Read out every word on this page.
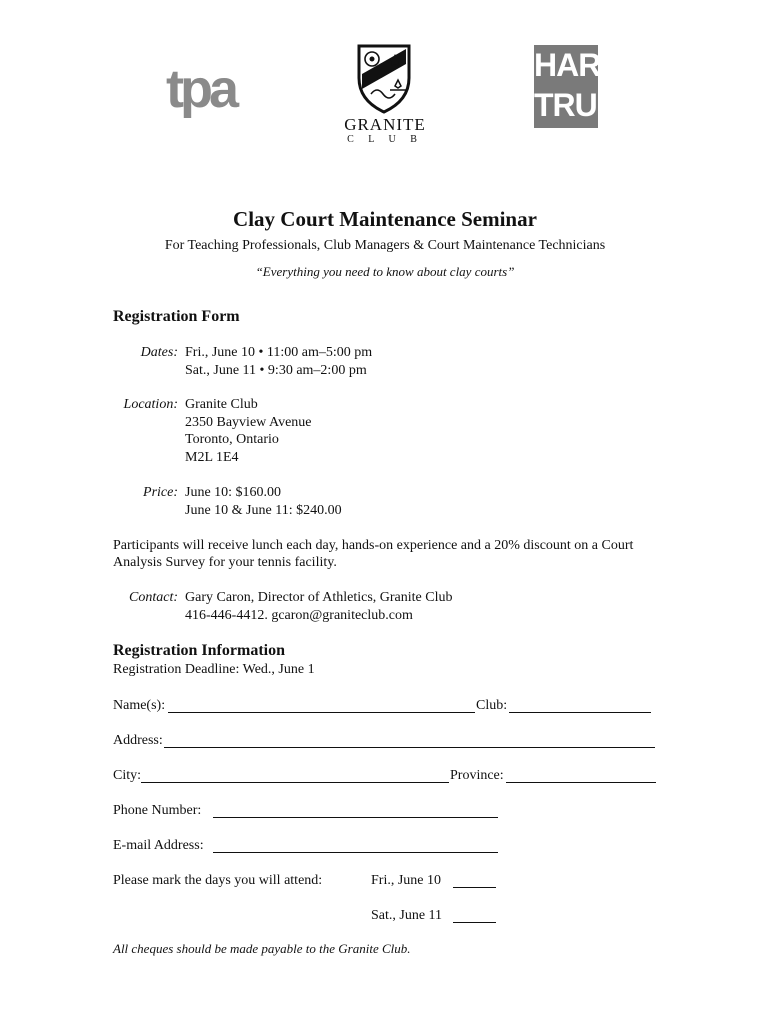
tpa
GRANITE
C L U B
HAR
TRU.
Clay Court Maintenance Seminar
For Teaching Professionals, Club Managers & Court Maintenance Technicians
“Everything you need to know about clay courts”
Registration Form
Dates: Fri., June 10 • 11:00 am–5:00 pm
Sat., June 11 • 9:30 am–2:00 pm
Location: Granite Club
2350 Bayview Avenue
Toronto, Ontario
M2L 1E4
Price: June 10: $160.00
June 10 & June 11: $240.00
Participants will receive lunch each day, hands-on experience and a 20% discount on a Court Analysis Survey for your tennis facility.
Contact: Gary Caron, Director of Athletics, Granite Club
416-446-4412. gcaron@graniteclub.com
Registration Information
Registration Deadline: Wed., June 1
Name(s):	Club:
Address:
City:	Province:
Phone Number:
E-mail Address:
Please mark the days you will attend:	Fri., June 10
Sat., June 11
All cheques should be made payable to the Granite Club.
